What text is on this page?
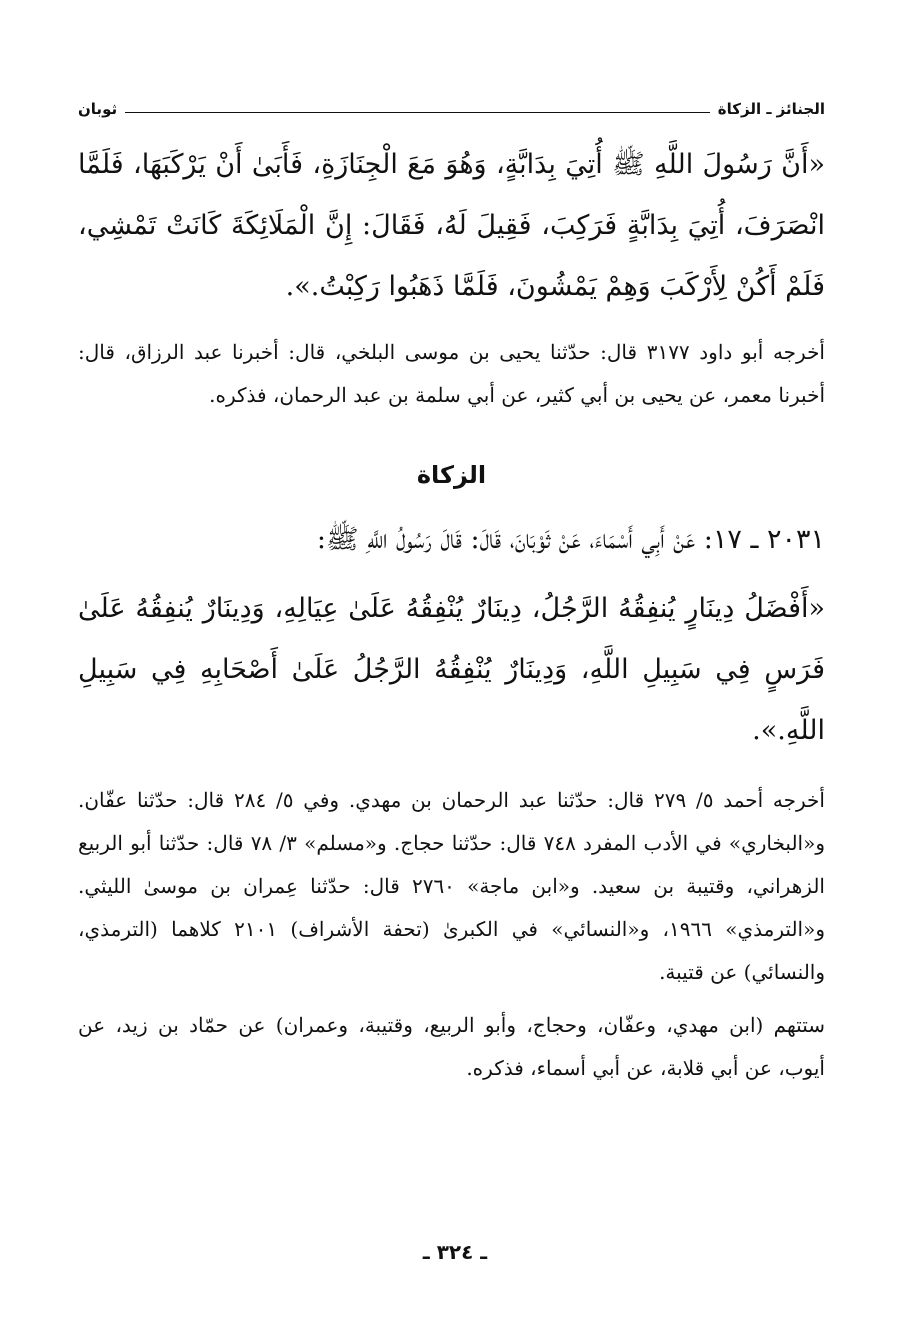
الجنائز ـ الزكاة
ثوبان

«أَنَّ رَسُولَ اللَّهِ ﷺ أُتِيَ بِدَابَّةٍ، وَهُوَ مَعَ الْجِنَازَةِ، فَأَبَىٰ أَنْ يَرْكَبَهَا، فَلَمَّا انْصَرَفَ، أُتِيَ بِدَابَّةٍ فَرَكِبَ، فَقِيلَ لَهُ، فَقَالَ: إِنَّ الْمَلَائِكَةَ كَانَتْ تَمْشِي، فَلَمْ أَكُنْ لِأَرْكَبَ وَهِمْ يَمْشُونَ، فَلَمَّا ذَهَبُوا رَكِبْتُ.».

أخرجه أبو داود ٣١٧٧ قال: حدّثنا يحيى بن موسى البلخي، قال: أخبرنا عبد الرزاق، قال: أخبرنا معمر، عن يحيى بن أبي كثير، عن أبي سلمة بن عبد الرحمان، فذكره.

الزكاة

٢٠٣١ ـ ١٧: عَنْ أَبِي أَسْمَاءَ، عَنْ ثَوْبَانَ، قَالَ: قَالَ رَسُولُ اللَّهِ ﷺ:

«أَفْضَلُ دِينَارٍ يُنفِقُهُ الرَّجُلُ، دِينَارٌ يُنْفِقُهُ عَلَىٰ عِيَالِهِ، وَدِينَارٌ يُنفِقُهُ عَلَىٰ فَرَسٍ فِي سَبِيلِ اللَّهِ، وَدِينَارٌ يُنْفِقُهُ الرَّجُلُ عَلَىٰ أَصْحَابِهِ فِي سَبِيلِ اللَّهِ.».

أخرجه أحمد ٥/ ٢٧٩ قال: حدّثنا عبد الرحمان بن مهدي. وفي ٥/ ٢٨٤ قال: حدّثنا عفّان. و«البخاري» في الأدب المفرد ٧٤٨ قال: حدّثنا حجاج. و«مسلم» ٣/ ٧٨ قال: حدّثنا أبو الربيع الزهراني، وقتيبة بن سعيد. و«ابن ماجة» ٢٧٦٠ قال: حدّثنا عِمران بن موسىٰ الليثي. و«الترمذي» ١٩٦٦، و«النسائي» في الكبرىٰ (تحفة الأشراف) ٢١٠١ كلاهما (الترمذي، والنسائي) عن قتيبة.

ستتهم (ابن مهدي، وعفّان، وحجاج، وأبو الربيع، وقتيبة، وعمران) عن حمّاد بن زيد، عن أيوب، عن أبي قلابة، عن أبي أسماء، فذكره.

ـ ٣٢٤ ـ
